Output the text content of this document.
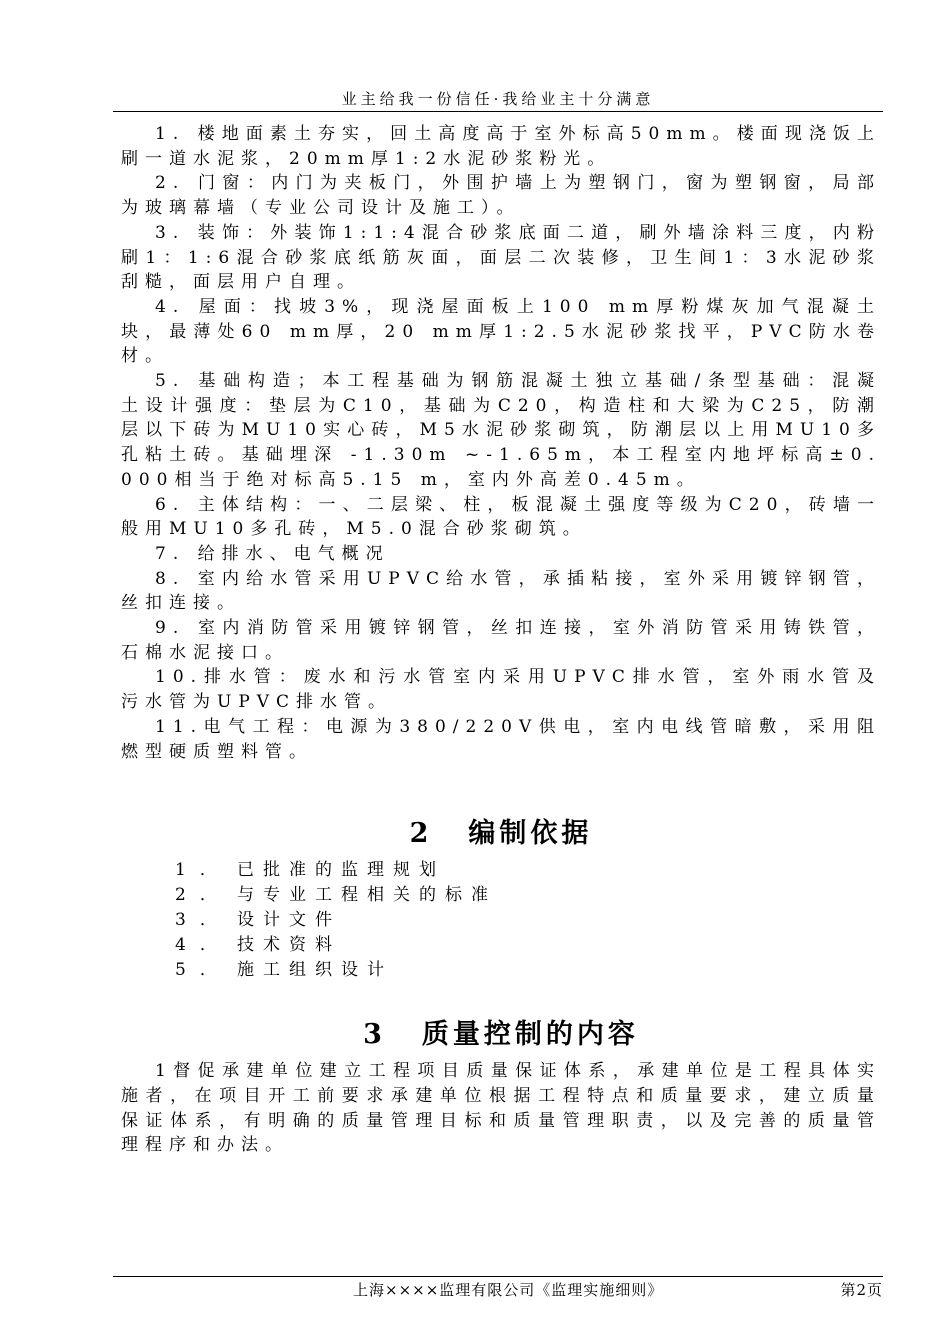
业主给我一份信任·我给业主十分满意

1. 楼地面素土夯实，回土高度高于室外标高50mm。楼面现浇饭上刷一道水泥浆，20mm厚1:2水泥砂浆粉光。

2. 门窗：内门为夹板门，外围护墙上为塑钢门，窗为塑钢窗，局部为玻璃幕墙（专业公司设计及施工）。

3. 装饰：外装饰1:1:4混合砂浆底面二道，刷外墙涂料三度，内粉刷1：1:6混合砂浆底纸筋灰面，面层二次装修，卫生间1：3水泥砂浆刮糙，面层用户自理。

4. 屋面：找坡3%，现浇屋面板上100 mm厚粉煤灰加气混凝土块，最薄处60 mm厚，20 mm厚1:2.5水泥砂浆找平，PVC防水卷材。

5. 基础构造；本工程基础为钢筋混凝土独立基础/条型基础：混凝土设计强度：垫层为C10，基础为C20，构造柱和大梁为C25，防潮层以下砖为MU10实心砖，M5水泥砂浆砌筑，防潮层以上用MU10多孔粘土砖。基础埋深 -1.30m ~-1.65m，本工程室内地坪标高±0.000相当于绝对标高5.15 m，室内外高差0.45m。

6. 主体结构：一、二层梁、柱，板混凝土强度等级为C20，砖墙一般用MU10多孔砖，M5.0混合砂浆砌筑。

7. 给排水、电气概况

8. 室内给水管采用UPVC给水管，承插粘接，室外采用镀锌钢管，丝扣连接。

9. 室内消防管采用镀锌钢管，丝扣连接，室外消防管采用铸铁管，石棉水泥接口。

10.排水管：废水和污水管室内采用UPVC排水管，室外雨水管及污水管为UPVC排水管。

11.电气工程：电源为380/220V供电，室内电线管暗敷，采用阻燃型硬质塑料管。

2 编制依据
1． 已批准的监理规划
2． 与专业工程相关的标准
3． 设计文件
4． 技术资料
5． 施工组织设计
3 质量控制的内容

1督促承建单位建立工程项目质量保证体系，承建单位是工程具体实施者，在项目开工前要求承建单位根据工程特点和质量要求，建立质量保证体系，有明确的质量管理目标和质量管理职责，以及完善的质量管理程序和办法。

上海××××监理有限公司《监理实施细则》	第2页
